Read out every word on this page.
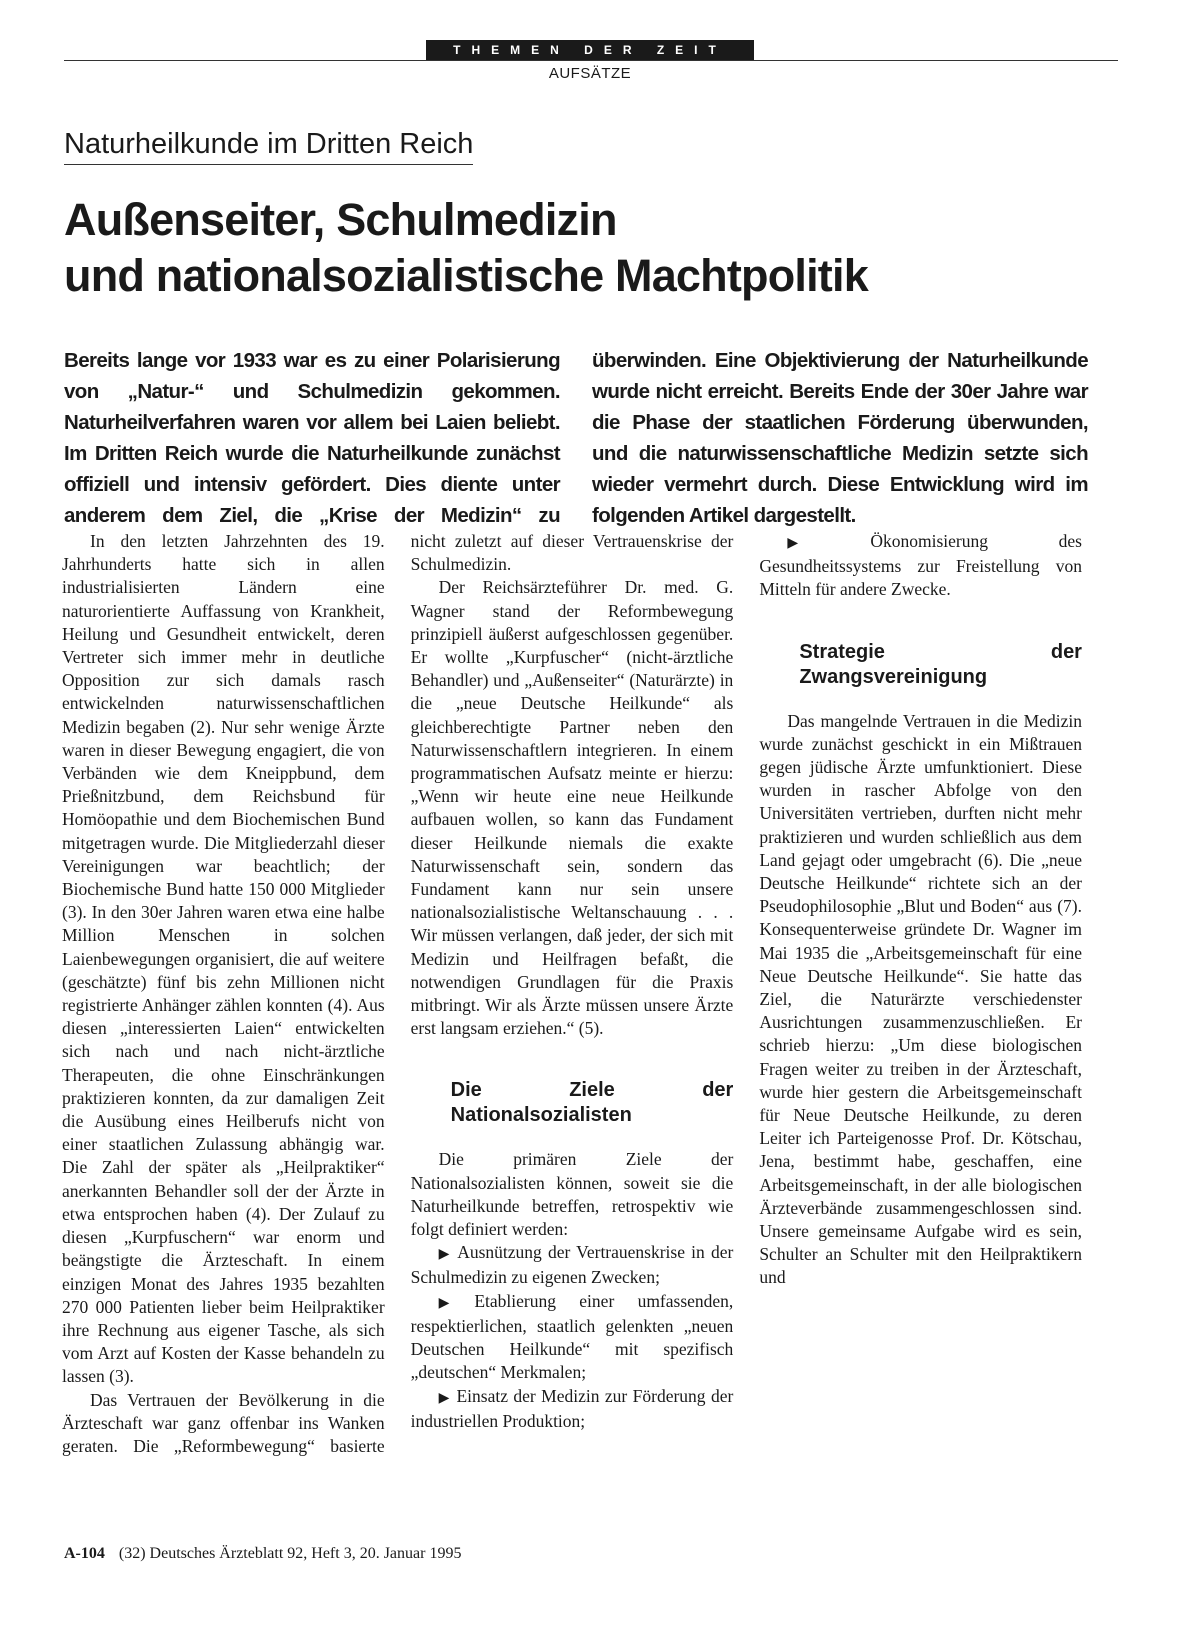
THEMEN DER ZEIT
AUFSÄTZE
Naturheilkunde im Dritten Reich
Außenseiter, Schulmedizin
und nationalsozialistische Machtpolitik
Bereits lange vor 1933 war es zu einer Polarisierung von „Natur-“ und Schulmedizin gekommen. Naturheilverfahren waren vor allem bei Laien beliebt. Im Dritten Reich wurde die Naturheilkunde zunächst offiziell und intensiv gefördert. Dies diente unter anderem dem Ziel, die „Krise der Medizin“ zu überwinden. Eine Objektivierung der Naturheilkunde wurde nicht erreicht. Bereits Ende der 30er Jahre war die Phase der staatlichen Förderung überwunden, und die naturwissenschaftliche Medizin setzte sich wieder vermehrt durch. Diese Entwicklung wird im folgenden Artikel dargestellt.

In den letzten Jahrzehnten des 19. Jahrhunderts hatte sich in allen industrialisierten Ländern eine naturorientierte Auffassung von Krankheit, Heilung und Gesundheit entwickelt, deren Vertreter sich immer mehr in deutliche Opposition zur sich damals rasch entwickelnden naturwissenschaftlichen Medizin begaben (2). Nur sehr wenige Ärzte waren in dieser Bewegung engagiert, die von Verbänden wie dem Kneippbund, dem Prießnitzbund, dem Reichsbund für Homöopathie und dem Biochemischen Bund mitgetragen wurde. Die Mitgliederzahl dieser Vereinigungen war beachtlich; der Biochemische Bund hatte 150 000 Mitglieder (3). In den 30er Jahren waren etwa eine halbe Million Menschen in solchen Laienbewegungen organisiert, die auf weitere (geschätzte) fünf bis zehn Millionen nicht registrierte Anhänger zählen konnten (4). Aus diesen „interessierten Laien“ entwickelten sich nach und nach nicht-ärztliche Therapeuten, die ohne Einschränkungen praktizieren konnten, da zur damaligen Zeit die Ausübung eines Heilberufs nicht von einer staatlichen Zulassung abhängig war. Die Zahl der später als „Heilpraktiker“ anerkannten Behandler soll der der Ärzte in etwa entsprochen haben (4). Der Zulauf zu diesen „Kurpfuschern“ war enorm und beängstigte die Ärzteschaft. In einem einzigen Monat des Jahres 1935 bezahlten 270 000 Patienten lieber beim Heilpraktiker ihre Rechnung aus eigener Tasche, als sich vom Arzt auf Kosten der Kasse behandeln zu lassen (3).

Das Vertrauen der Bevölkerung in die Ärzteschaft war ganz offenbar ins Wanken geraten. Die „Reformbewegung“ basierte nicht zuletzt auf dieser Vertrauenskrise der Schulmedizin.

Der Reichsärzteführer Dr. med. G. Wagner stand der Reformbewegung prinzipiell äußerst aufgeschlossen gegenüber. Er wollte „Kurpfuscher“ (nicht-ärztliche Behandler) und „Außenseiter“ (Naturärzte) in die „neue Deutsche Heilkunde“ als gleichberechtigte Partner neben den Naturwissenschaftlern integrieren. In einem programmatischen Aufsatz meinte er hierzu: „Wenn wir heute eine neue Heilkunde aufbauen wollen, so kann das Fundament dieser Heilkunde niemals die exakte Naturwissenschaft sein, sondern das Fundament kann nur sein unsere nationalsozialistische Weltanschauung . . . Wir müssen verlangen, daß jeder, der sich mit Medizin und Heilfragen befaßt, die notwendigen Grundlagen für die Praxis mitbringt. Wir als Ärzte müssen unsere Ärzte erst langsam erziehen.“ (5).

Die Ziele der Nationalsozialisten

Die primären Ziele der Nationalsozialisten können, soweit sie die Naturheilkunde betreffen, retrospektiv wie folgt definiert werden:

▶ Ausnützung der Vertrauenskrise in der Schulmedizin zu eigenen Zwecken;

▶ Etablierung einer umfassenden, respektierlichen, staatlich gelenkten „neuen Deutschen Heilkunde“ mit spezifisch „deutschen“ Merkmalen;

▶ Einsatz der Medizin zur Förderung der industriellen Produktion;

▶ Ökonomisierung des Gesundheitssystems zur Freistellung von Mitteln für andere Zwecke.

Strategie der Zwangsvereinigung

Das mangelnde Vertrauen in die Medizin wurde zunächst geschickt in ein Mißtrauen gegen jüdische Ärzte umfunktioniert. Diese wurden in rascher Abfolge von den Universitäten vertrieben, durften nicht mehr praktizieren und wurden schließlich aus dem Land gejagt oder umgebracht (6). Die „neue Deutsche Heilkunde“ richtete sich an der Pseudophilosophie „Blut und Boden“ aus (7). Konsequenterweise gründete Dr. Wagner im Mai 1935 die „Arbeitsgemeinschaft für eine Neue Deutsche Heilkunde“. Sie hatte das Ziel, die Naturärzte verschiedenster Ausrichtungen zusammenzuschließen. Er schrieb hierzu: „Um diese biologischen Fragen weiter zu treiben in der Ärzteschaft, wurde hier gestern die Arbeitsgemeinschaft für Neue Deutsche Heilkunde, zu deren Leiter ich Parteigenosse Prof. Dr. Kötschau, Jena, bestimmt habe, geschaffen, eine Arbeitsgemeinschaft, in der alle biologischen Ärzteverbände zusammengeschlossen sind. Unsere gemeinsame Aufgabe wird es sein, Schulter an Schulter mit den Heilpraktikern und

A-104 (32) Deutsches Ärzteblatt 92, Heft 3, 20. Januar 1995
